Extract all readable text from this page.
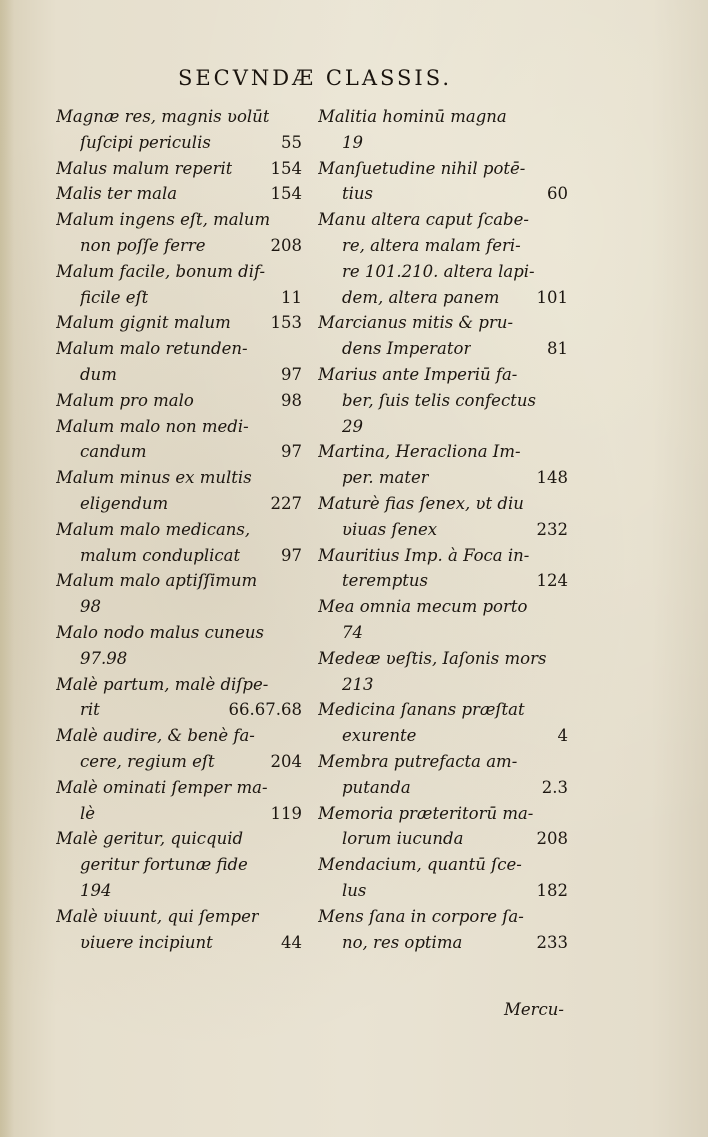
SECVNDÆ CLASSIS.
Magnæ res, magnis ʋolūt
ſuſcipi periculis	55
Malus malum reperit 154
Malis ter mala	154
Malum ingens eſt, malum
non poſſe ferre	208
Malum facile, bonum dif-
ficile eſt	11
Malum gignit malum 153
Malum malo retunden-
dum	97
Malum pro malo	98
Malum malo non medi-
candum	97
Malum minus ex multis
eligendum	227
Malum malo medicans,
malum conduplicat 97
Malum malo aptiſſimum
98
Malo nodo malus cuneus
97.98
Malè partum, malè diſpe-
rit	66.67.68
Malè audire, & benè fa-
cere, regium eſt	204
Malè ominati ſemper ma-
lè	119
Malè geritur, quicquid
geritur fortunæ fide
194
Malè ʋiuunt, qui ſemper
ʋiuere incipiunt	44
Malitia hominū magna
19
Manſuetudine nihil potē-
tius	60
Manu altera caput ſcabe-
re, altera malam feri-
re 101.210. altera lapi-
dem, altera panem 101
Marcianus mitis & pru-
dens Imperator	81
Marius ante Imperiū fa-
ber, ſuis telis confectus
29
Martina, Heracliona Im-
per. mater	148
Maturè fias ſenex, ʋt diu
ʋiuas ſenex	232
Mauritius Imp. à Foca in-
teremptus	124
Mea omnia mecum porto
74
Medeæ ʋeſtis, Iaſonis mors
213
Medicina ſanans præſtat
exurente	4
Membra putrefacta am-
putanda	2.3
Memoria præteritorū ma-
lorum iucunda	208
Mendacium, quantū ſce-
lus	182
Mens ſana in corpore ſa-
no, res optima	233
Mercu-
